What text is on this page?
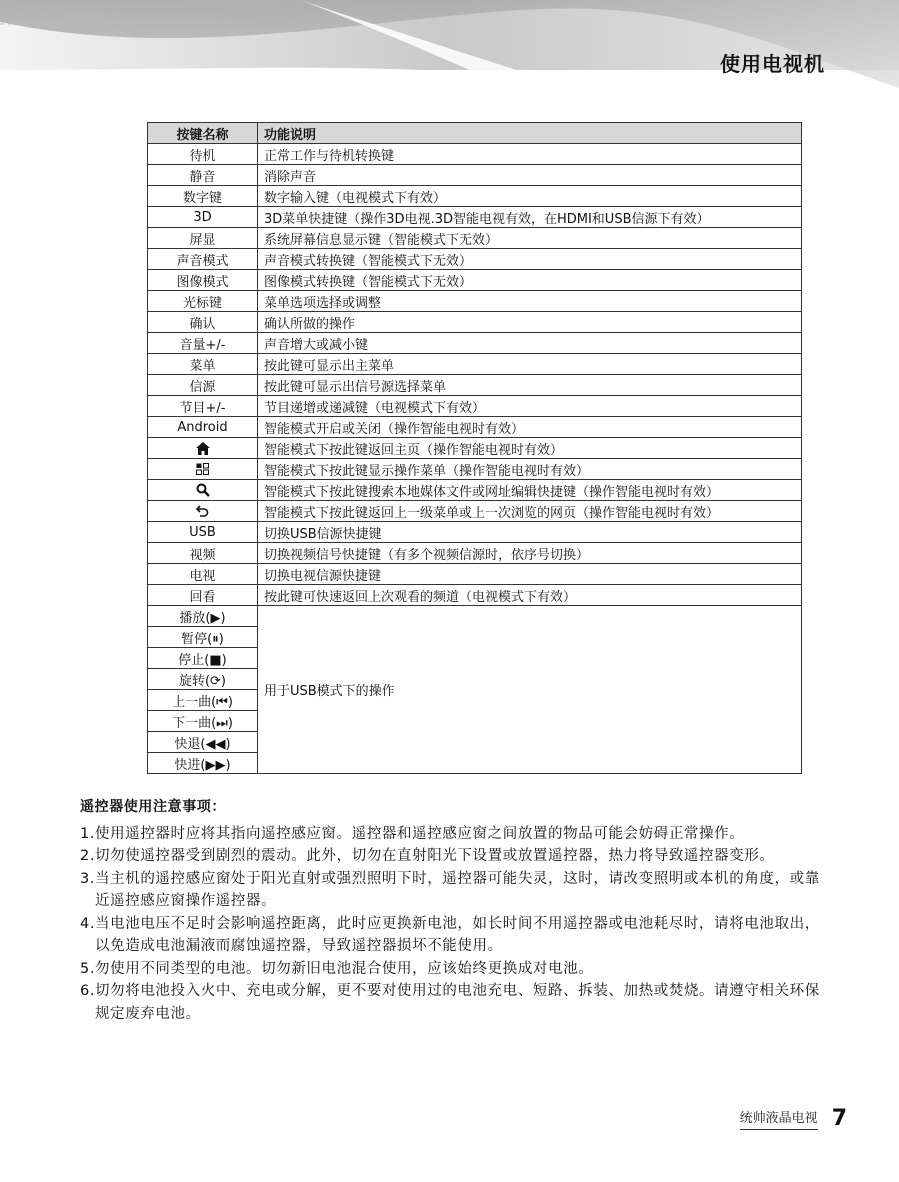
使用电视机
按键名称	功能说明
待机	正常工作与待机转换键
静音	消除声音
数字键	数字输入键（电视模式下有效）
3D	3D菜单快捷键（操作3D电视.3D智能电视有效，在HDMI和USB信源下有效）
屏显	系统屏幕信息显示键（智能模式下无效）
声音模式	声音模式转换键（智能模式下无效）
图像模式	图像模式转换键（智能模式下无效）
光标键	菜单选项选择或调整
确认	确认所做的操作
音量+/-	声音增大或减小键
菜单	按此键可显示出主菜单
信源	按此键可显示出信号源选择菜单
节目+/-	节目递增或递减键（电视模式下有效）
Android	智能模式开启或关闭（操作智能电视时有效）

	智能模式下按此键返回主页（操作智能电视时有效）

	智能模式下按此键显示操作菜单（操作智能电视时有效）

	智能模式下按此键搜索本地媒体文件或网址编辑快捷键（操作智能电视时有效）

	智能模式下按此键返回上一级菜单或上一次浏览的网页（操作智能电视时有效）
USB	切换USB信源快捷键
视频	切换视频信号快捷键（有多个视频信源时，依序号切换）
电视	切换电视信源快捷键
回看	按此键可快速返回上次观看的频道（电视模式下有效）
播放(▶)	用于USB模式下的操作
暂停(⏸)	
停止(■)	
旋转(⟳)	
上一曲(⏮)	
下一曲(⏭)	
快退(◀◀)	
快进(▶▶)	
遥控器使用注意事项：
1.使用遥控器时应将其指向遥控感应窗。遥控器和遥控感应窗之间放置的物品可能会妨碍正常操作。
2.切勿使遥控器受到剧烈的震动。此外，切勿在直射阳光下设置或放置遥控器，热力将导致遥控器变形。
3.当主机的遥控感应窗处于阳光直射或强烈照明下时，遥控器可能失灵，这时，请改变照明或本机的角度，或靠近遥控感应窗操作遥控器。
4.当电池电压不足时会影响遥控距离，此时应更换新电池，如长时间不用遥控器或电池耗尽时，请将电池取出，以免造成电池漏液而腐蚀遥控器，导致遥控器损坏不能使用。
5.勿使用不同类型的电池。切勿新旧电池混合使用，应该始终更换成对电池。
6.切勿将电池投入火中、充电或分解，更不要对使用过的电池充电、短路、拆装、加热或焚烧。请遵守相关环保规定废弃电池。
统帅液晶电视 7
